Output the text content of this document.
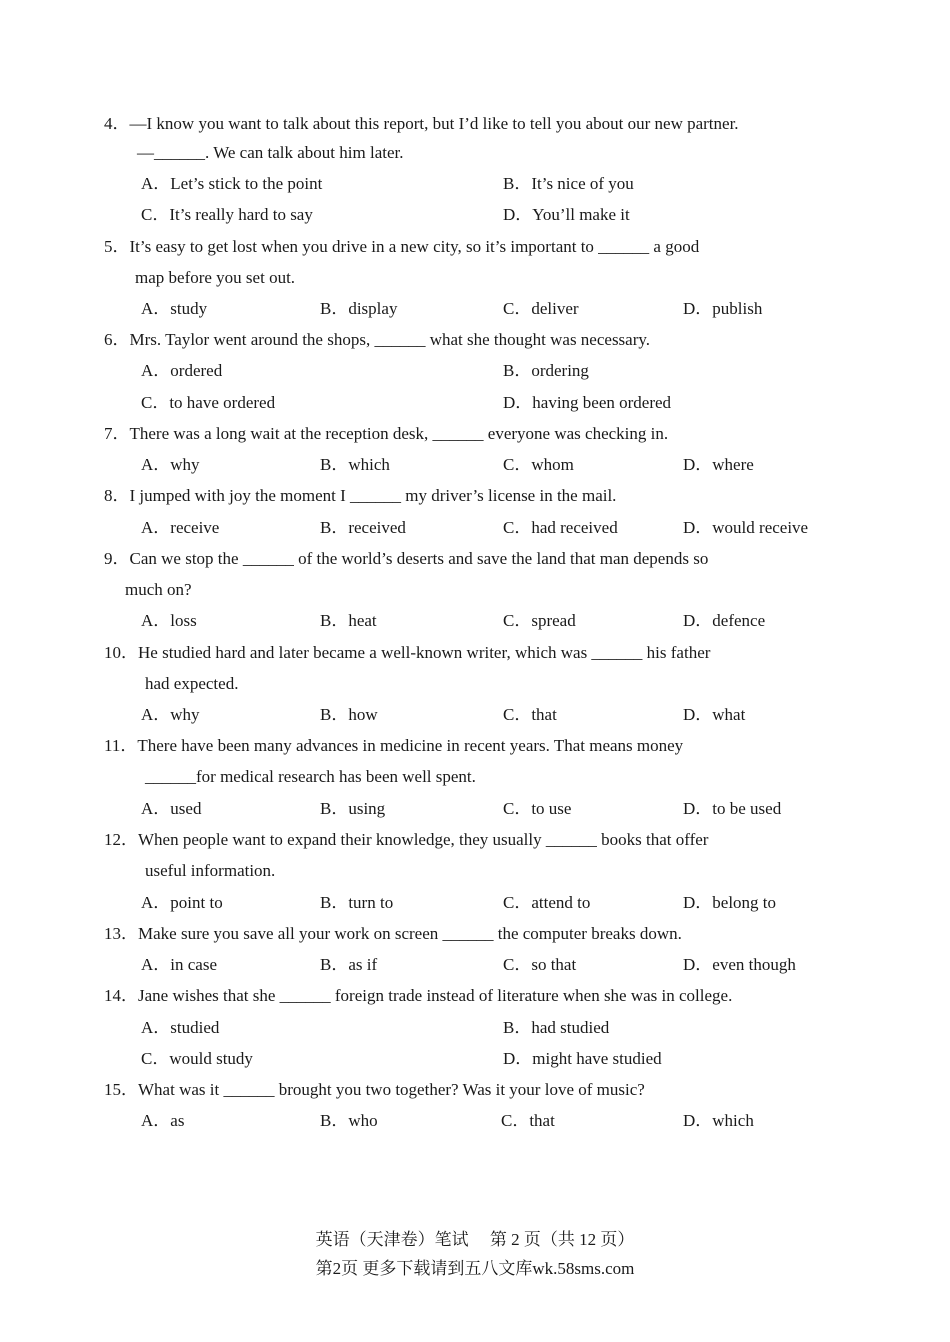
4．—I know you want to talk about this report, but I’d like to tell you about our new partner.
—______. We can talk about him later.
A．Let’s stick to the point	B．It’s nice of you
C．It’s really hard to say	D．You’ll make it
5．It’s easy to get lost when you drive in a new city, so it’s important to ______ a good
map before you set out.
A．study	B．display	C．deliver	D．publish
6．Mrs. Taylor went around the shops, ______ what she thought was necessary.
A．ordered	B．ordering
C．to have ordered	D．having been ordered
7．There was a long wait at the reception desk, ______ everyone was checking in.
A．why	B．which	C．whom	D．where
8．I jumped with joy the moment I ______ my driver’s license in the mail.
A．receive	B．received	C．had received	D．would receive
9．Can we stop the ______ of the world’s deserts and save the land that man depends so
much on?
A．loss	B．heat	C．spread	D．defence
10．He studied hard and later became a well-known writer, which was ______ his father
had expected.
A．why	B．how	C．that	D．what
11．There have been many advances in medicine in recent years. That means money
______for medical research has been well spent.
A．used	B．using	C．to use	D．to be used
12．When people want to expand their knowledge, they usually ______ books that offer
useful information.
A．point to	B．turn to	C．attend to	D．belong to
13．Make sure you save all your work on screen ______ the computer breaks down.
A．in case	B．as if	C．so that	D．even though
14．Jane wishes that she ______ foreign trade instead of literature when she was in college.
A．studied	B．had studied
C．would study	D．might have studied
15．What was it ______ brought you two together? Was it your love of music?
A．as	B．who	C．that	D．which
英语（天津卷）笔试　 第 2 页（共 12 页）
第2页 更多下载请到五八文库wk.58sms.com
